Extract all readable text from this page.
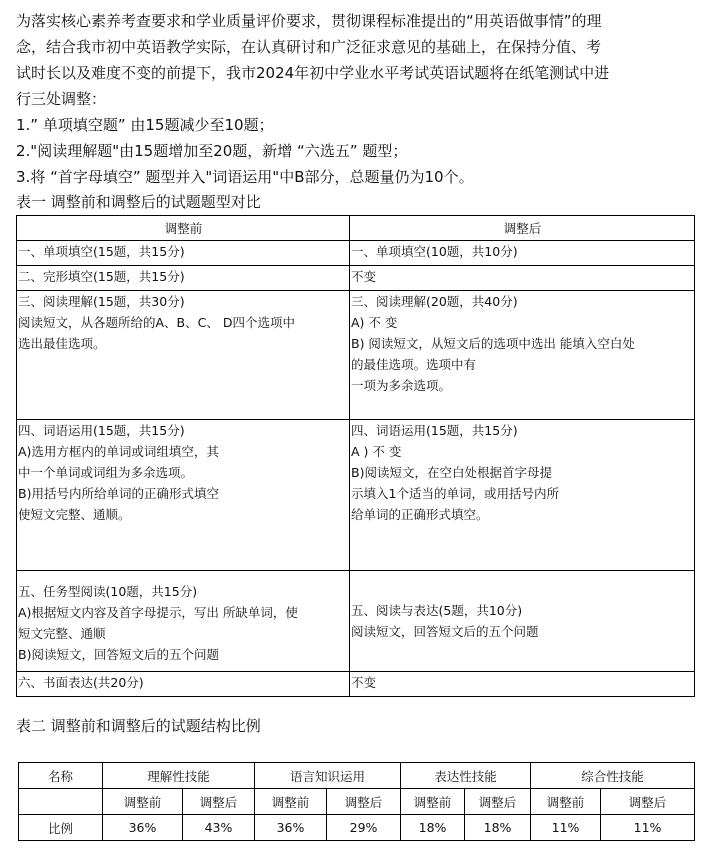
为落实核心素养考查要求和学业质量评价要求，贯彻课程标准提出的“用英语做事情”的理
念，结合我市初中英语教学实际，在认真研讨和广泛征求意见的基础上，在保持分值、考
试时长以及难度不变的前提下，我市2024年初中学业水平考试英语试题将在纸笔测试中进
行三处调整：
1.” 单项填空题” 由15题减少至10题；
2."阅读理解题"由15题增加至20题，新增 “六选五” 题型；
3.将 “首字母填空” 题型并入"词语运用"中B部分，总题量仍为10个。
表一 调整前和调整后的试题题型对比
调整前	调整后

一、单项填空(15题，共15分)	一、单项填空(10题，共10分)

二、完形填空(15题，共15分)	不变

三、阅读理解(15题，共30分)
阅读短文，从各题所给的A、B、C、 D四个选项中
选出最佳选项。	三、阅读理解(20题，共40分)
A) 不 变
B) 阅读短文，从短文后的选项中选出 能填入空白处
的最佳选项。选项中有
一项为多余选项。

四、词语运用(15题，共15分)
A)选用方框内的单词或词组填空，其
中一个单词或词组为多余选项。
B)用括号内所给单词的正确形式填空
使短文完整、通顺。	四、词语运用(15题，共15分)
A ) 不 变
B)阅读短文，在空白处根据首字母提
示填入1个适当的单词，或用括号内所
给单词的正确形式填空。

五、任务型阅读(10题，共15分)
A)根据短文内容及首字母提示，写出 所缺单词，使
短文完整、通顺
B)阅读短文，回答短文后的五个问题	五、阅读与表达(5题，共10分)
阅读短文，回答短文后的五个问题

六、书面表达(共20分)	不变
表二 调整前和调整后的试题结构比例
名称	理解性技能		语言知识运用		表达性技能		综合性技能	
	调整前	调整后	调整前	调整后	调整前	调整后	调整前	调整后
比例	36%	43%	36%	29%	18%	18%	11%	11%
